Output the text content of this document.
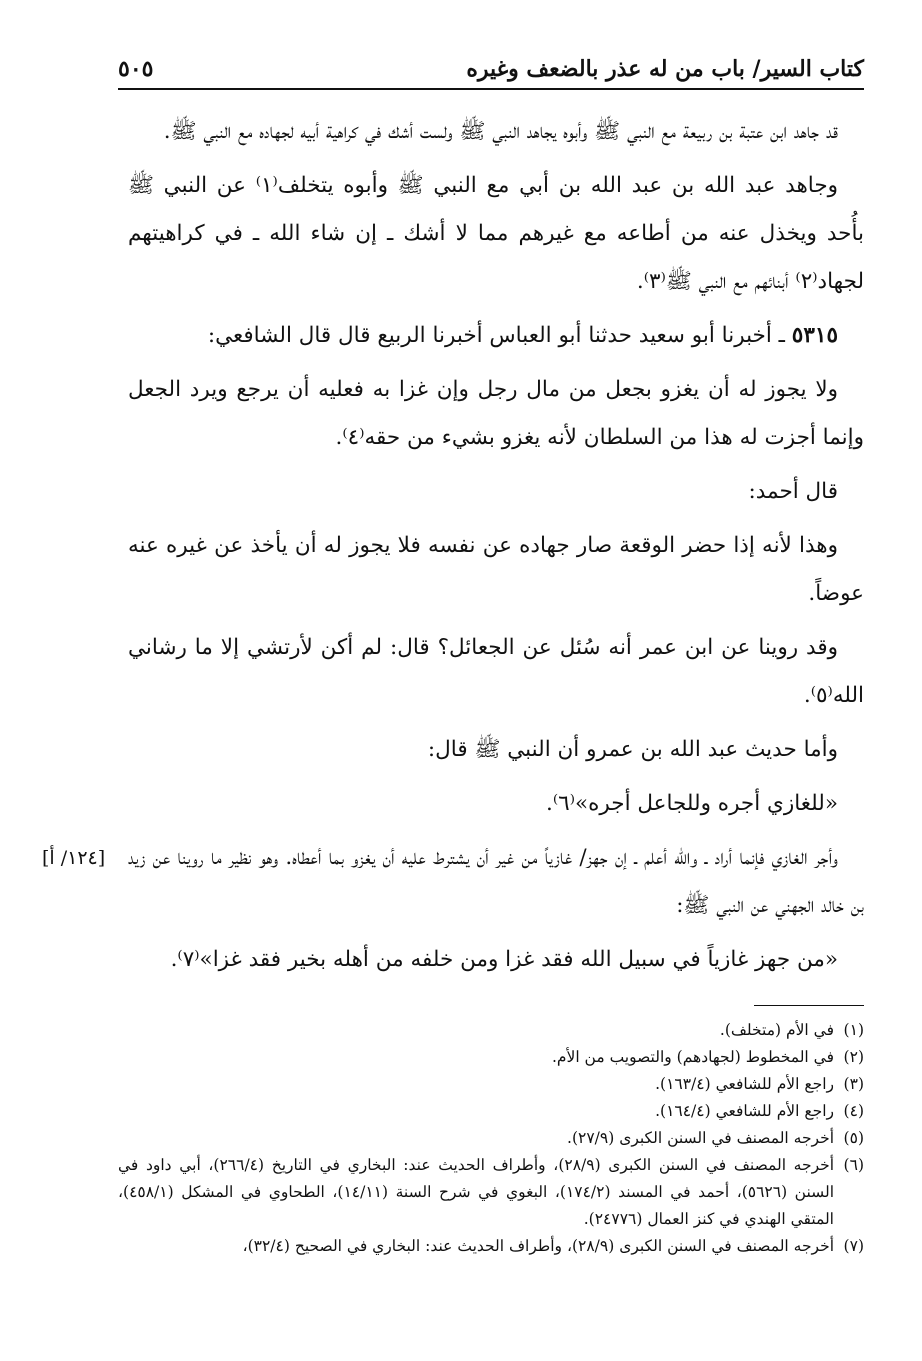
كتاب السير/ باب من له عذر بالضعف وغيره
٥٠٥

قد جاهد ابن عتبة بن ربيعة مع النبي ﷺ وأبوه يجاهد النبي ﷺ ولست أشك في كراهية أبيه لجهاده مع النبي ﷺ.

وجاهد عبد الله بن عبد الله بن أبي مع النبي ﷺ وأبوه يتخلف⁽١⁾ عن النبي ﷺ بأُحد ويخذل عنه من أطاعه مع غيرهم مما لا أشك ـ إن شاء الله ـ في كراهيتهم لجهاد⁽٢⁾ أبنائهم مع النبي ﷺ⁽٣⁾.

٥٣١٥ ـ أخبرنا أبو سعيد حدثنا أبو العباس أخبرنا الربيع قال قال الشافعي:

ولا يجوز له أن يغزو بجعل من مال رجل وإن غزا به فعليه أن يرجع ويرد الجعل وإنما أجزت له هذا من السلطان لأنه يغزو بشيء من حقه⁽٤⁾.

قال أحمد:

وهذا لأنه إذا حضر الوقعة صار جهاده عن نفسه فلا يجوز له أن يأخذ عن غيره عنه عوضاً.

وقد روينا عن ابن عمر أنه سُئل عن الجعائل؟ قال: لم أكن لأرتشي إلا ما رشاني الله⁽٥⁾.

وأما حديث عبد الله بن عمرو أن النبي ﷺ قال:

«للغازي أجره وللجاعل أجره»⁽٦⁾.

[١٢٤/ أ] وأجر الغازي فإنما أراد ـ والله أعلم ـ إن جهز/ غازياً من غير أن يشترط عليه أن يغزو بما أعطاه. وهو نظير ما روينا عن زيد بن خالد الجهني عن النبي ﷺ:

«من جهز غازياً في سبيل الله فقد غزا ومن خلفه من أهله بخير فقد غزا»⁽٧⁾.

(١)
في الأم (متخلف).
(٢)
في المخطوط (لجهادهم) والتصويب من الأم.
(٣)
راجع الأم للشافعي (١٦٣/٤).
(٤)
راجع الأم للشافعي (١٦٤/٤).
(٥)
أخرجه المصنف في السنن الكبرى (٢٧/٩).
(٦)
أخرجه المصنف في السنن الكبرى (٢٨/٩)، وأطراف الحديث عند: البخاري في التاريخ (٢٦٦/٤)، أبي داود في السنن (٥٦٢٦)، أحمد في المسند (١٧٤/٢)، البغوي في شرح السنة (١٤/١١)، الطحاوي في المشكل (٤٥٨/١)، المتقي الهندي في كنز العمال (٢٤٧٧٦).
(٧)
أخرجه المصنف في السنن الكبرى (٢٨/٩)، وأطراف الحديث عند: البخاري في الصحيح (٣٢/٤)،
